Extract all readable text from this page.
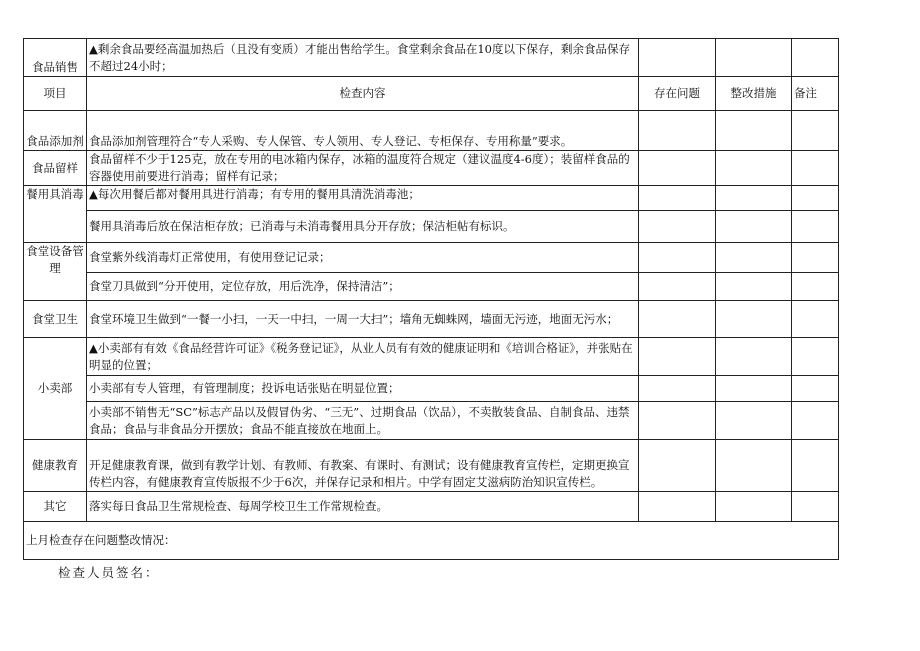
食品销售	▲剩余食品要经高温加热后（且没有变质）才能出售给学生。食堂剩余食品在10度以下保存，剩余食品保存不超过24小时；			
项目	检查内容	存在问题	整改措施	备注
食品添加剂	食品添加剂管理符合“专人采购、专人保管、专人领用、专人登记、专柜保存、专用称量”要求。			
食品留样	食品留样不少于125克，放在专用的电冰箱内保存，冰箱的温度符合规定（建议温度4-6度）；装留样食品的容器使用前要进行消毒；留样有记录；			
餐用具消毒	▲每次用餐后都对餐用具进行消毒；有专用的餐用具清洗消毒池；			
	餐用具消毒后放在保洁柜存放；已消毒与未消毒餐用具分开存放；保洁柜帖有标识。			
食堂设备管理	食堂紫外线消毒灯正常使用，有使用登记记录；			
	食堂刀具做到“分开使用，定位存放，用后洗净，保持清洁”；			
食堂卫生	食堂环境卫生做到“一餐一小扫，一天一中扫，一周一大扫”；墙角无蜘蛛网，墙面无污迹，地面无污水；			
小卖部	▲小卖部有有效《食品经营许可证》《税务登记证》，从业人员有有效的健康证明和《培训合格证》，并张贴在明显的位置；			
	小卖部有专人管理，有管理制度；投诉电话张贴在明显位置；			
	小卖部不销售无“SC”标志产品以及假冒伪劣、“三无”、过期食品（饮品），不卖散装食品、自制食品、违禁食品；食品与非食品分开摆放；食品不能直接放在地面上。			
健康教育	开足健康教育课，做到有教学计划、有教师、有教案、有课时、有测试；设有健康教育宣传栏，定期更换宣传栏内容，有健康教育宣传版报不少于6次，并保存记录和相片。中学有固定艾滋病防治知识宣传栏。			
其它	落实每日食品卫生常规检查、每周学校卫生工作常规检查。			
上月检查存在问题整改情况：				
检查人员签名：
